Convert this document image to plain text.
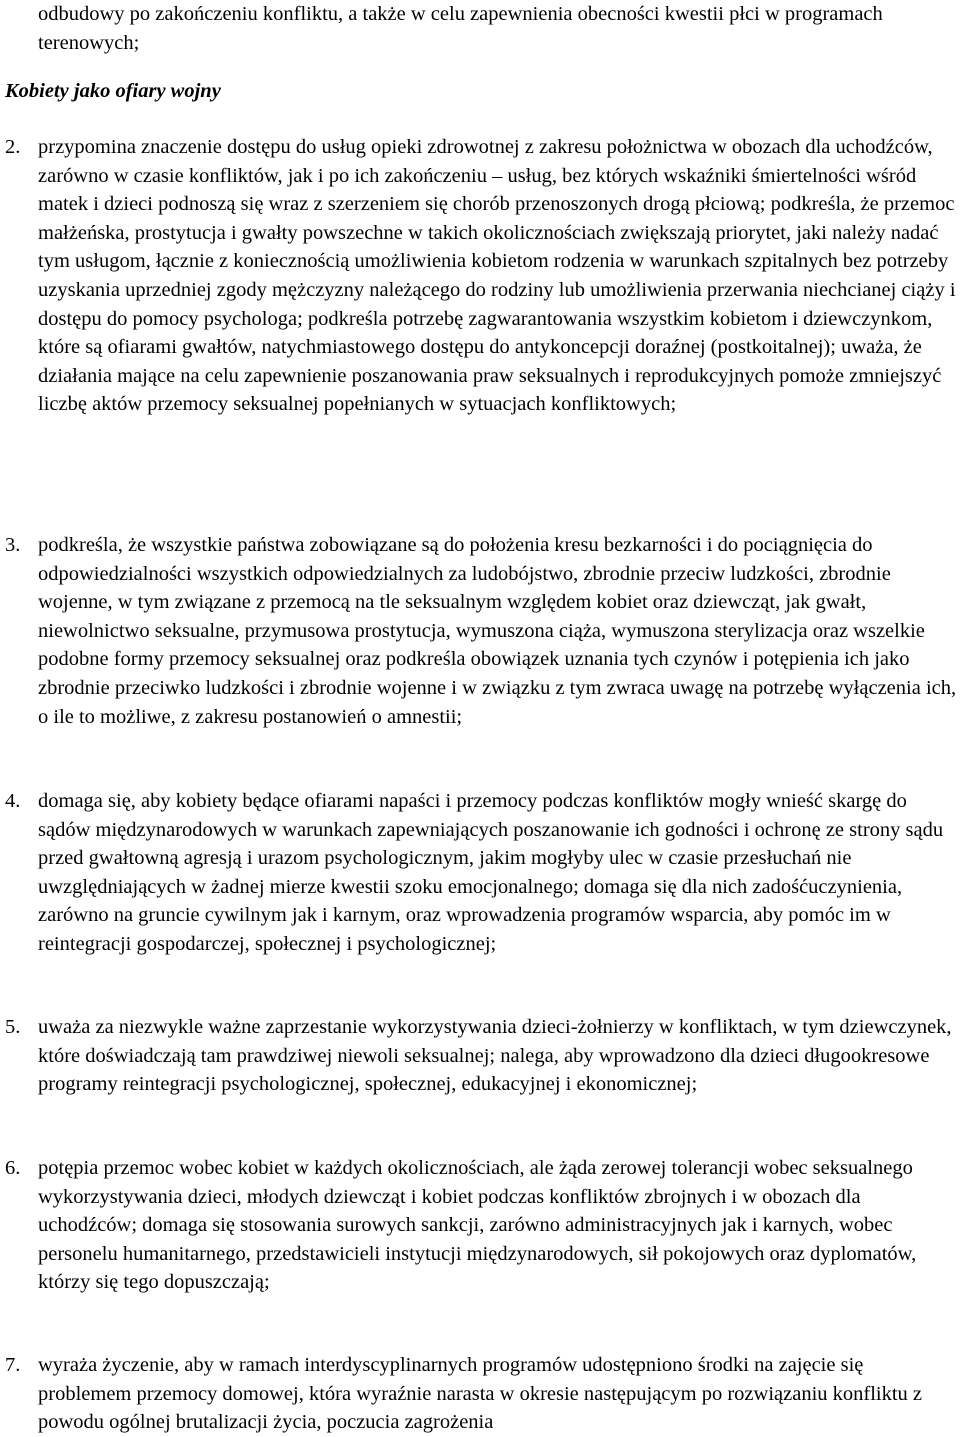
odbudowy po zakończeniu konfliktu, a także w celu zapewnienia obecności kwestii płci w programach terenowych;

Kobiety jako ofiary wojny

2. przypomina znaczenie dostępu do usług opieki zdrowotnej z zakresu położnictwa w obozach dla uchodźców, zarówno w czasie konfliktów, jak i po ich zakończeniu – usług, bez których wskaźniki śmiertelności wśród matek i dzieci podnoszą się wraz z szerzeniem się chorób przenoszonych drogą płciową; podkreśla, że przemoc małżeńska, prostytucja i gwałty powszechne w takich okolicznościach zwiększają priorytet, jaki należy nadać tym usługom, łącznie z koniecznością umożliwienia kobietom rodzenia w warunkach szpitalnych bez potrzeby uzyskania uprzedniej zgody mężczyzny należącego do rodziny lub umożliwienia przerwania niechcianej ciąży i dostępu do pomocy psychologa; podkreśla potrzebę zagwarantowania wszystkim kobietom i dziewczynkom, które są ofiarami gwałtów, natychmiastowego dostępu do antykoncepcji doraźnej (postkoitalnej); uważa, że działania mające na celu zapewnienie poszanowania praw seksualnych i reprodukcyjnych pomoże zmniejszyć liczbę aktów przemocy seksualnej popełnianych w sytuacjach konfliktowych;

3. podkreśla, że wszystkie państwa zobowiązane są do położenia kresu bezkarności i do pociągnięcia do odpowiedzialności wszystkich odpowiedzialnych za ludobójstwo, zbrodnie przeciw ludzkości, zbrodnie wojenne, w tym związane z przemocą na tle seksualnym względem kobiet oraz dziewcząt, jak gwałt, niewolnictwo seksualne, przymusowa prostytucja, wymuszona ciąża, wymuszona sterylizacja oraz wszelkie podobne formy przemocy seksualnej oraz podkreśla obowiązek uznania tych czynów i potępienia ich jako zbrodnie przeciwko ludzkości i zbrodnie wojenne i w związku z tym zwraca uwagę na potrzebę wyłączenia ich, o ile to możliwe, z zakresu postanowień o amnestii;

4. domaga się, aby kobiety będące ofiarami napaści i przemocy podczas konfliktów mogły wnieść skargę do sądów międzynarodowych w warunkach zapewniających poszanowanie ich godności i ochronę ze strony sądu przed gwałtowną agresją i urazom psychologicznym, jakim mogłyby ulec w czasie przesłuchań nie uwzględniających w żadnej mierze kwestii szoku emocjonalnego; domaga się dla nich zadośćuczynienia, zarówno na gruncie cywilnym jak i karnym, oraz wprowadzenia programów wsparcia, aby pomóc im w reintegracji gospodarczej, społecznej i psychologicznej;

5. uważa za niezwykle ważne zaprzestanie wykorzystywania dzieci-żołnierzy w konfliktach, w tym dziewczynek, które doświadczają tam prawdziwej niewoli seksualnej; nalega, aby wprowadzono dla dzieci długookresowe programy reintegracji psychologicznej, społecznej, edukacyjnej i ekonomicznej;

6. potępia przemoc wobec kobiet w każdych okolicznościach, ale żąda zerowej tolerancji wobec seksualnego wykorzystywania dzieci, młodych dziewcząt i kobiet podczas konfliktów zbrojnych i w obozach dla uchodźców; domaga się stosowania surowych sankcji, zarówno administracyjnych jak i karnych, wobec personelu humanitarnego, przedstawicieli instytucji międzynarodowych, sił pokojowych oraz dyplomatów, którzy się tego dopuszczają;

7. wyraża życzenie, aby w ramach interdyscyplinarnych programów udostępniono środki na zajęcie się problemem przemocy domowej, która wyraźnie narasta w okresie następującym po rozwiązaniu konfliktu z powodu ogólnej brutalizacji życia, poczucia zagrożenia
